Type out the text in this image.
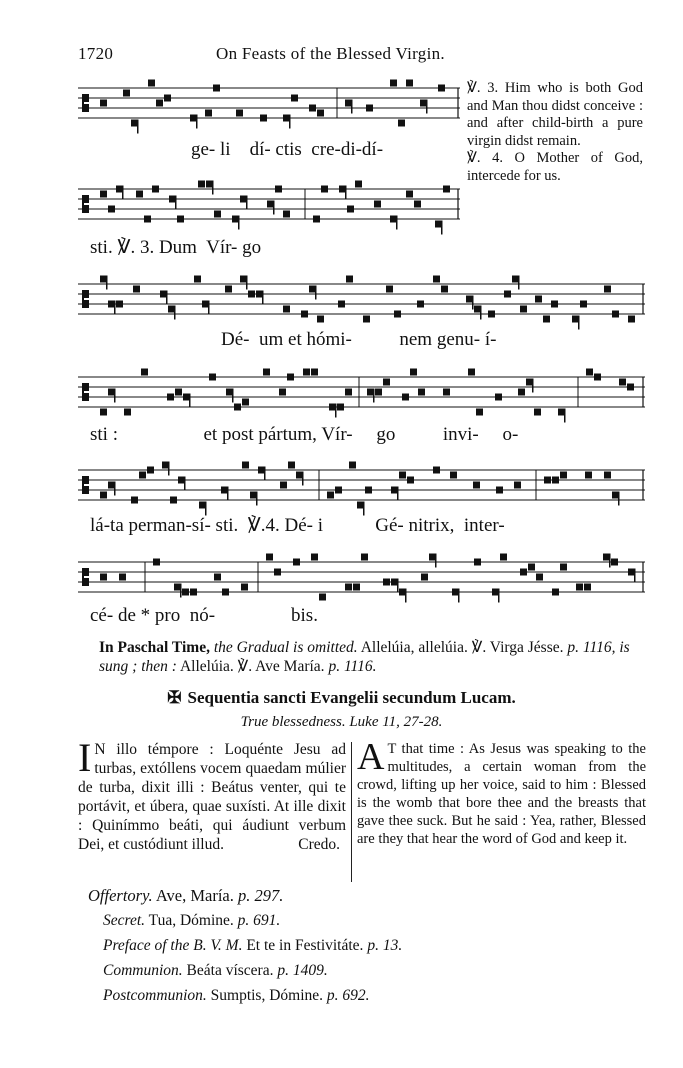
1720	On Feasts of the Blessed Virgin.
ge- li    dí- ctis  cre-di-dí-
sti. ℣. 3. Dum  Vír- go

℣. 3. Him who is both God and Man thou didst conceive : and after child-birth a pure virgin didst remain.

℣. 4. O Mother of God, intercede for us.

Dé-  um et hómi-          nem genu- í-
sti :                  et post pártum, Vír-     go          invi-     o-
lá-ta perman-sí- sti.  ℣.4. Dé- i           Gé- nitrix,  inter-
cé- de * pro  nó-                bis.
In Paschal Time, the Gradual is omitted. Allelúia, allelúia. ℣. Virga Jésse. p. 1116, is sung ; then : Allelúia. ℣. Ave María. p. 1116.
✠ Sequentia sancti Evangelii secundum Lucam.
True blessedness. Luke 11, 27-28.

I N illo témpore : Loquénte Jesu ad turbas, extóllens vocem quaedam múlier de turba, dixit illi : Beátus venter, qui te portávit, et úbera, quae suxísti. At ille dixit : Quinímmo beáti, qui áudiunt verbum Dei, et custódiunt illud.	Credo.

A T that time : As Jesus was speaking to the multitudes, a certain woman from the crowd, lifting up her voice, said to him : Blessed is the womb that bore thee and the breasts that gave thee suck. But he said : Yea, rather, Blessed are they that hear the word of God and keep it.

Offertory. Ave, María. p. 297.
Secret. Tua, Dómine. p. 691.
Preface of the B. V. M. Et te in Festivitáte. p. 13.
Communion. Beáta víscera. p. 1409.
Postcommunion. Sumptis, Dómine. p. 692.
